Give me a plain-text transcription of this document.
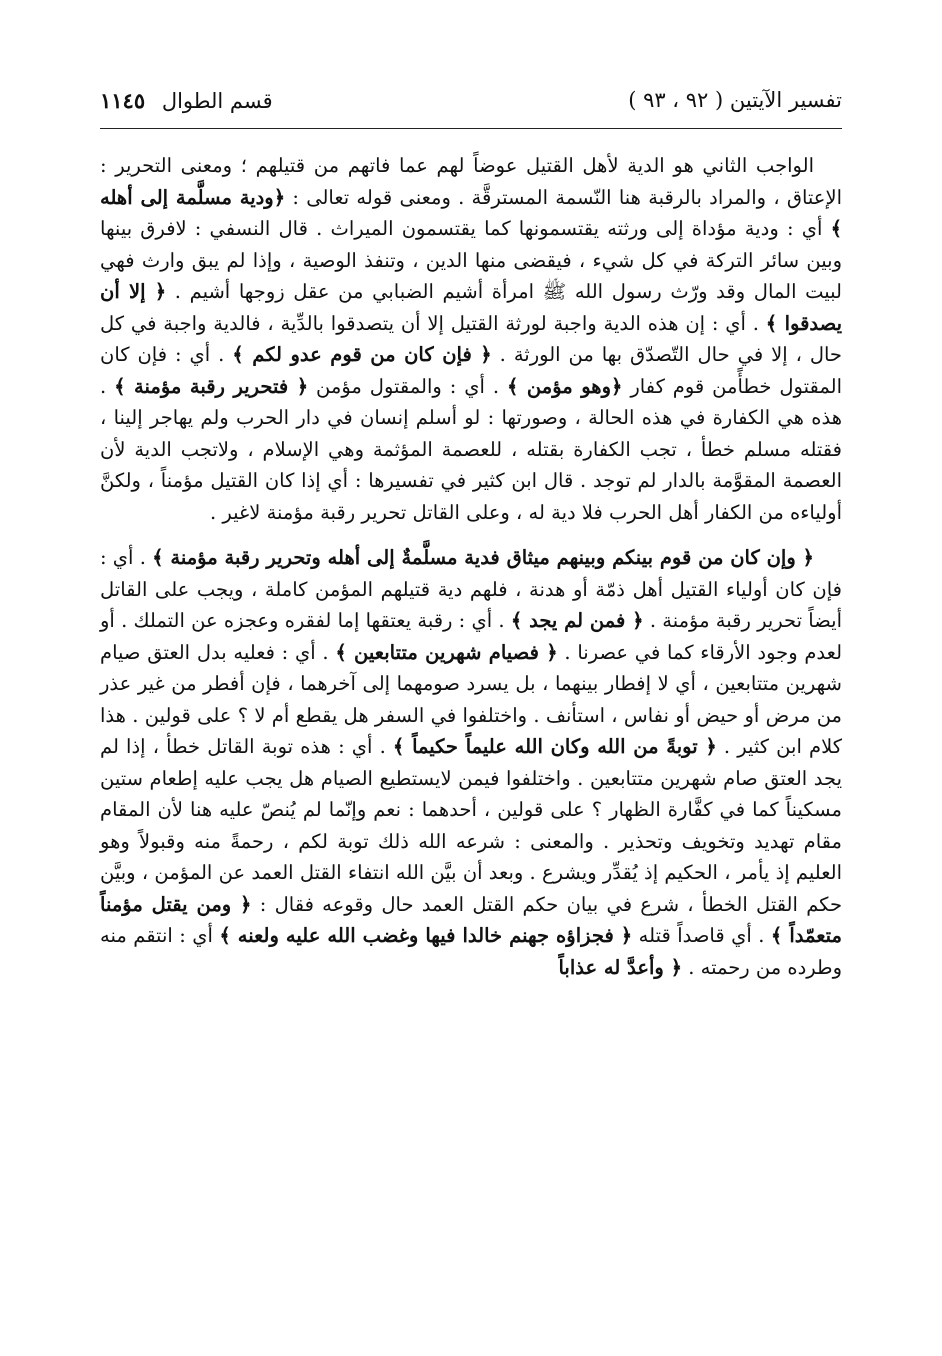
تفسير الآيتين ( ٩٢ ، ٩٣ )
قسم الطوال ١١٤٥

الواجب الثاني هو الدية لأهل القتيل عوضاً لهم عما فاتهم من قتيلهم ؛ ومعنى التحرير : الإعتاق ، والمراد بالرقبة هنا النّسمة المسترقَّة . ومعنى قوله تعالى : ﴿ودية مسلَّمة إلى أهله ﴾ أي : ودية مؤداة إلى ورثته يقتسمونها كما يقتسمون الميراث . قال النسفي : لافرق بينها وبين سائر التركة في كل شيء ، فيقضى منها الدين ، وتنفذ الوصية ، وإذا لم يبق وارث فهي لبيت المال وقد ورّث رسول الله ﷺ امرأة أشيم الضبابي من عقل زوجها أشيم . ﴿ إلا أن يصدقوا ﴾ . أي : إن هذه الدية واجبة لورثة القتيل إلا أن يتصدقوا بالدِّية ، فالدية واجبة في كل حال ، إلا في حال التّصدّق بها من الورثة . ﴿ فإن كان من قوم عدو لكم ﴾ . أي : فإن كان المقتول خطأًمن قوم كفار ﴿وهو مؤمن ﴾ . أي : والمقتول مؤمن ﴿ فتحرير رقبة مؤمنة ﴾ . هذه هي الكفارة في هذه الحالة ، وصورتها : لو أسلم إنسان في دار الحرب ولم يهاجر إلينا ، فقتله مسلم خطأ ، تجب الكفارة بقتله ، للعصمة المؤثمة وهي الإسلام ، ولاتجب الدية لأن العصمة المقوَّمة بالدار لم توجد . قال ابن كثير في تفسيرها : أي إذا كان القتيل مؤمناً ، ولكنَّ أولياءه من الكفار أهل الحرب فلا دية له ، وعلى القاتل تحرير رقبة مؤمنة لاغير .

﴿ وإن كان من قوم بينكم وبينهم ميثاق فدية مسلَّمةٌ إلى أهله وتحرير رقبة مؤمنة ﴾ . أي : فإن كان أولياء القتيل أهل ذمّة أو هدنة ، فلهم دية قتيلهم المؤمن كاملة ، ويجب على القاتل أيضاً تحرير رقبة مؤمنة . ﴿ فمن لم يجد ﴾ . أي : رقبة يعتقها إما لفقره وعجزه عن التملك . أو لعدم وجود الأرقاء كما في عصرنا . ﴿ فصيام شهرين متتابعين ﴾ . أي : فعليه بدل العتق صيام شهرين متتابعين ، أي لا إفطار بينهما ، بل يسرد صومهما إلى آخرهما ، فإن أفطر من غير عذر من مرض أو حيض أو نفاس ، استأنف . واختلفوا في السفر هل يقطع أم لا ؟ على قولين . هذا كلام ابن كثير . ﴿ توبةً من الله وكان الله عليماً حكيماً ﴾ . أي : هذه توبة القاتل خطأ ، إذا لم يجد العتق صام شهرين متتابعين . واختلفوا فيمن لايستطيع الصيام هل يجب عليه إطعام ستين مسكيناً كما في كفَّارة الظهار ؟ على قولين ، أحدهما : نعم وإنّما لم يُنصّ عليه هنا لأن المقام مقام تهديد وتخويف وتحذير . والمعنى : شرعه الله ذلك توبة لكم ، رحمةً منه وقبولاً وهو العليم إذ يأمر ، الحكيم إذ يُقدِّر ويشرع . وبعد أن بيَّن الله انتفاء القتل العمد عن المؤمن ، وبيَّن حكم القتل الخطأ ، شرع في بيان حكم القتل العمد حال وقوعه فقال : ﴿ ومن يقتل مؤمناً متعمّداً ﴾ . أي قاصداً قتله ﴿ فجزاؤه جهنم خالدا فيها وغضب الله عليه ولعنه ﴾ أي : انتقم منه وطرده من رحمته . ﴿ وأعدَّ له عذاباً
